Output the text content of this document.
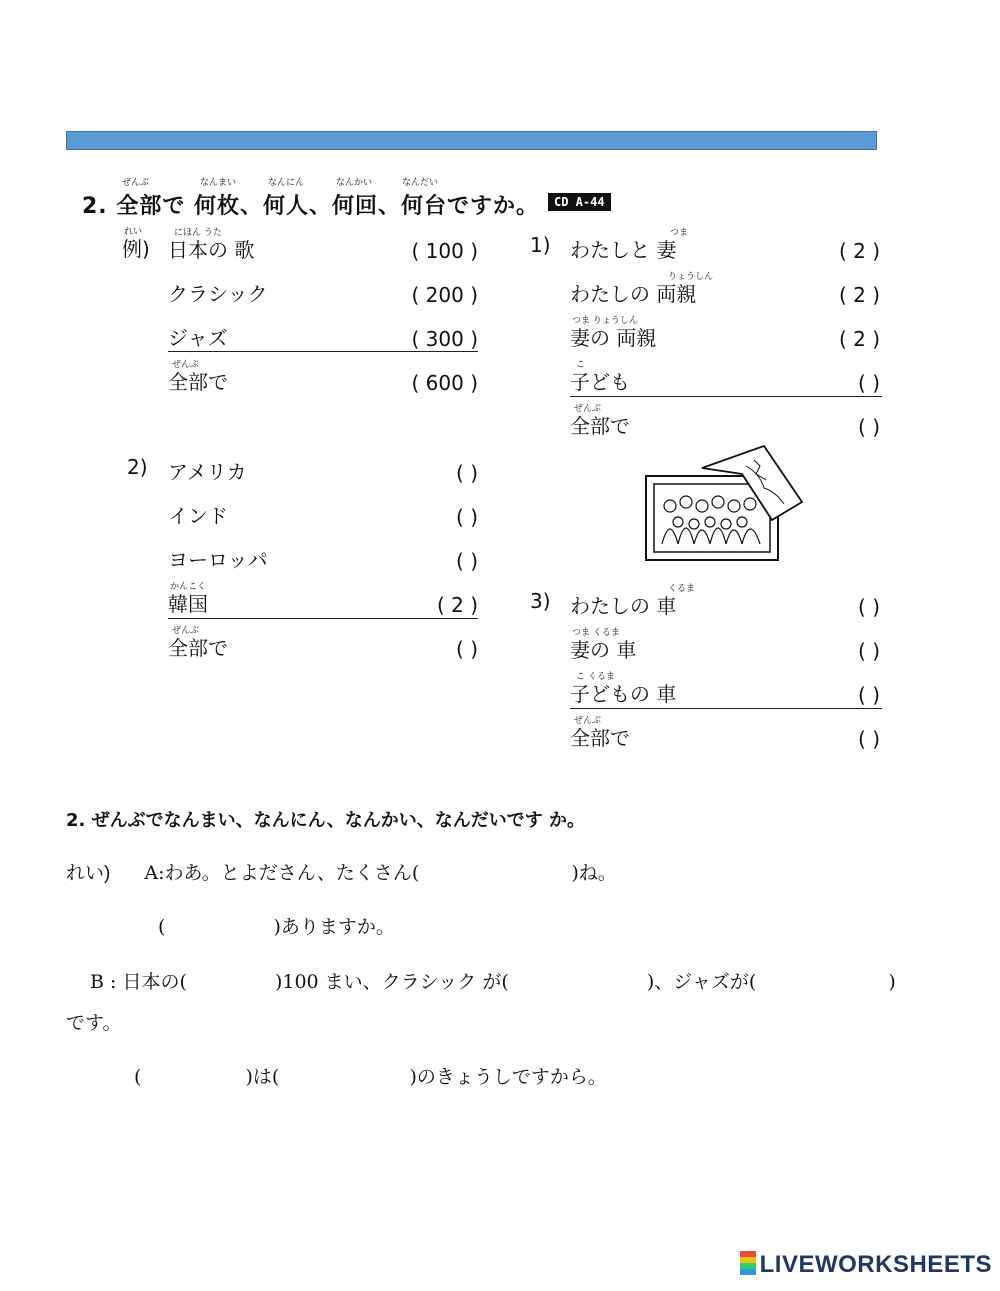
ぜんぶ	なんまい	なんにん	なんかい	なんだい
2. 全部で 何枚、何人、何回、何台ですか。	CD A-44
例)
れい	にほん うた
日本の 歌	( 100 )
クラシック	( 200 )
ジャズ	( 300 )
ぜんぶ
全部で	( 600 )
1)	つま
わたしと 妻	( 2 )
りょうしん
わたしの 両親	( 2 )
つま りょうしん
妻の 両親	( 2 )
こ
子ども	( )
ぜんぶ
全部で	( )
2) アメリカ	( )
インド	( )
ヨーロッパ	( )
かんこく
韓国	( 2 )
ぜんぶ
全部で	( )
3)	くるま
わたしの 車	( )
つま くるま
妻の 車	( )
こ くるま
子どもの 車	( )
ぜんぶ
全部で	( )
2. ぜんぶでなんまい、なんにん、なんかい、なんだいです か。
れい) A:わあ。とよださん、たくさん(	)ね。
(	)ありますか。
B : 日本の(	)100 まい、クラシック が(	)、ジャズが(	)
です。
(	)は(	)のきょうしですから。
LIVEWORKSHEETS
